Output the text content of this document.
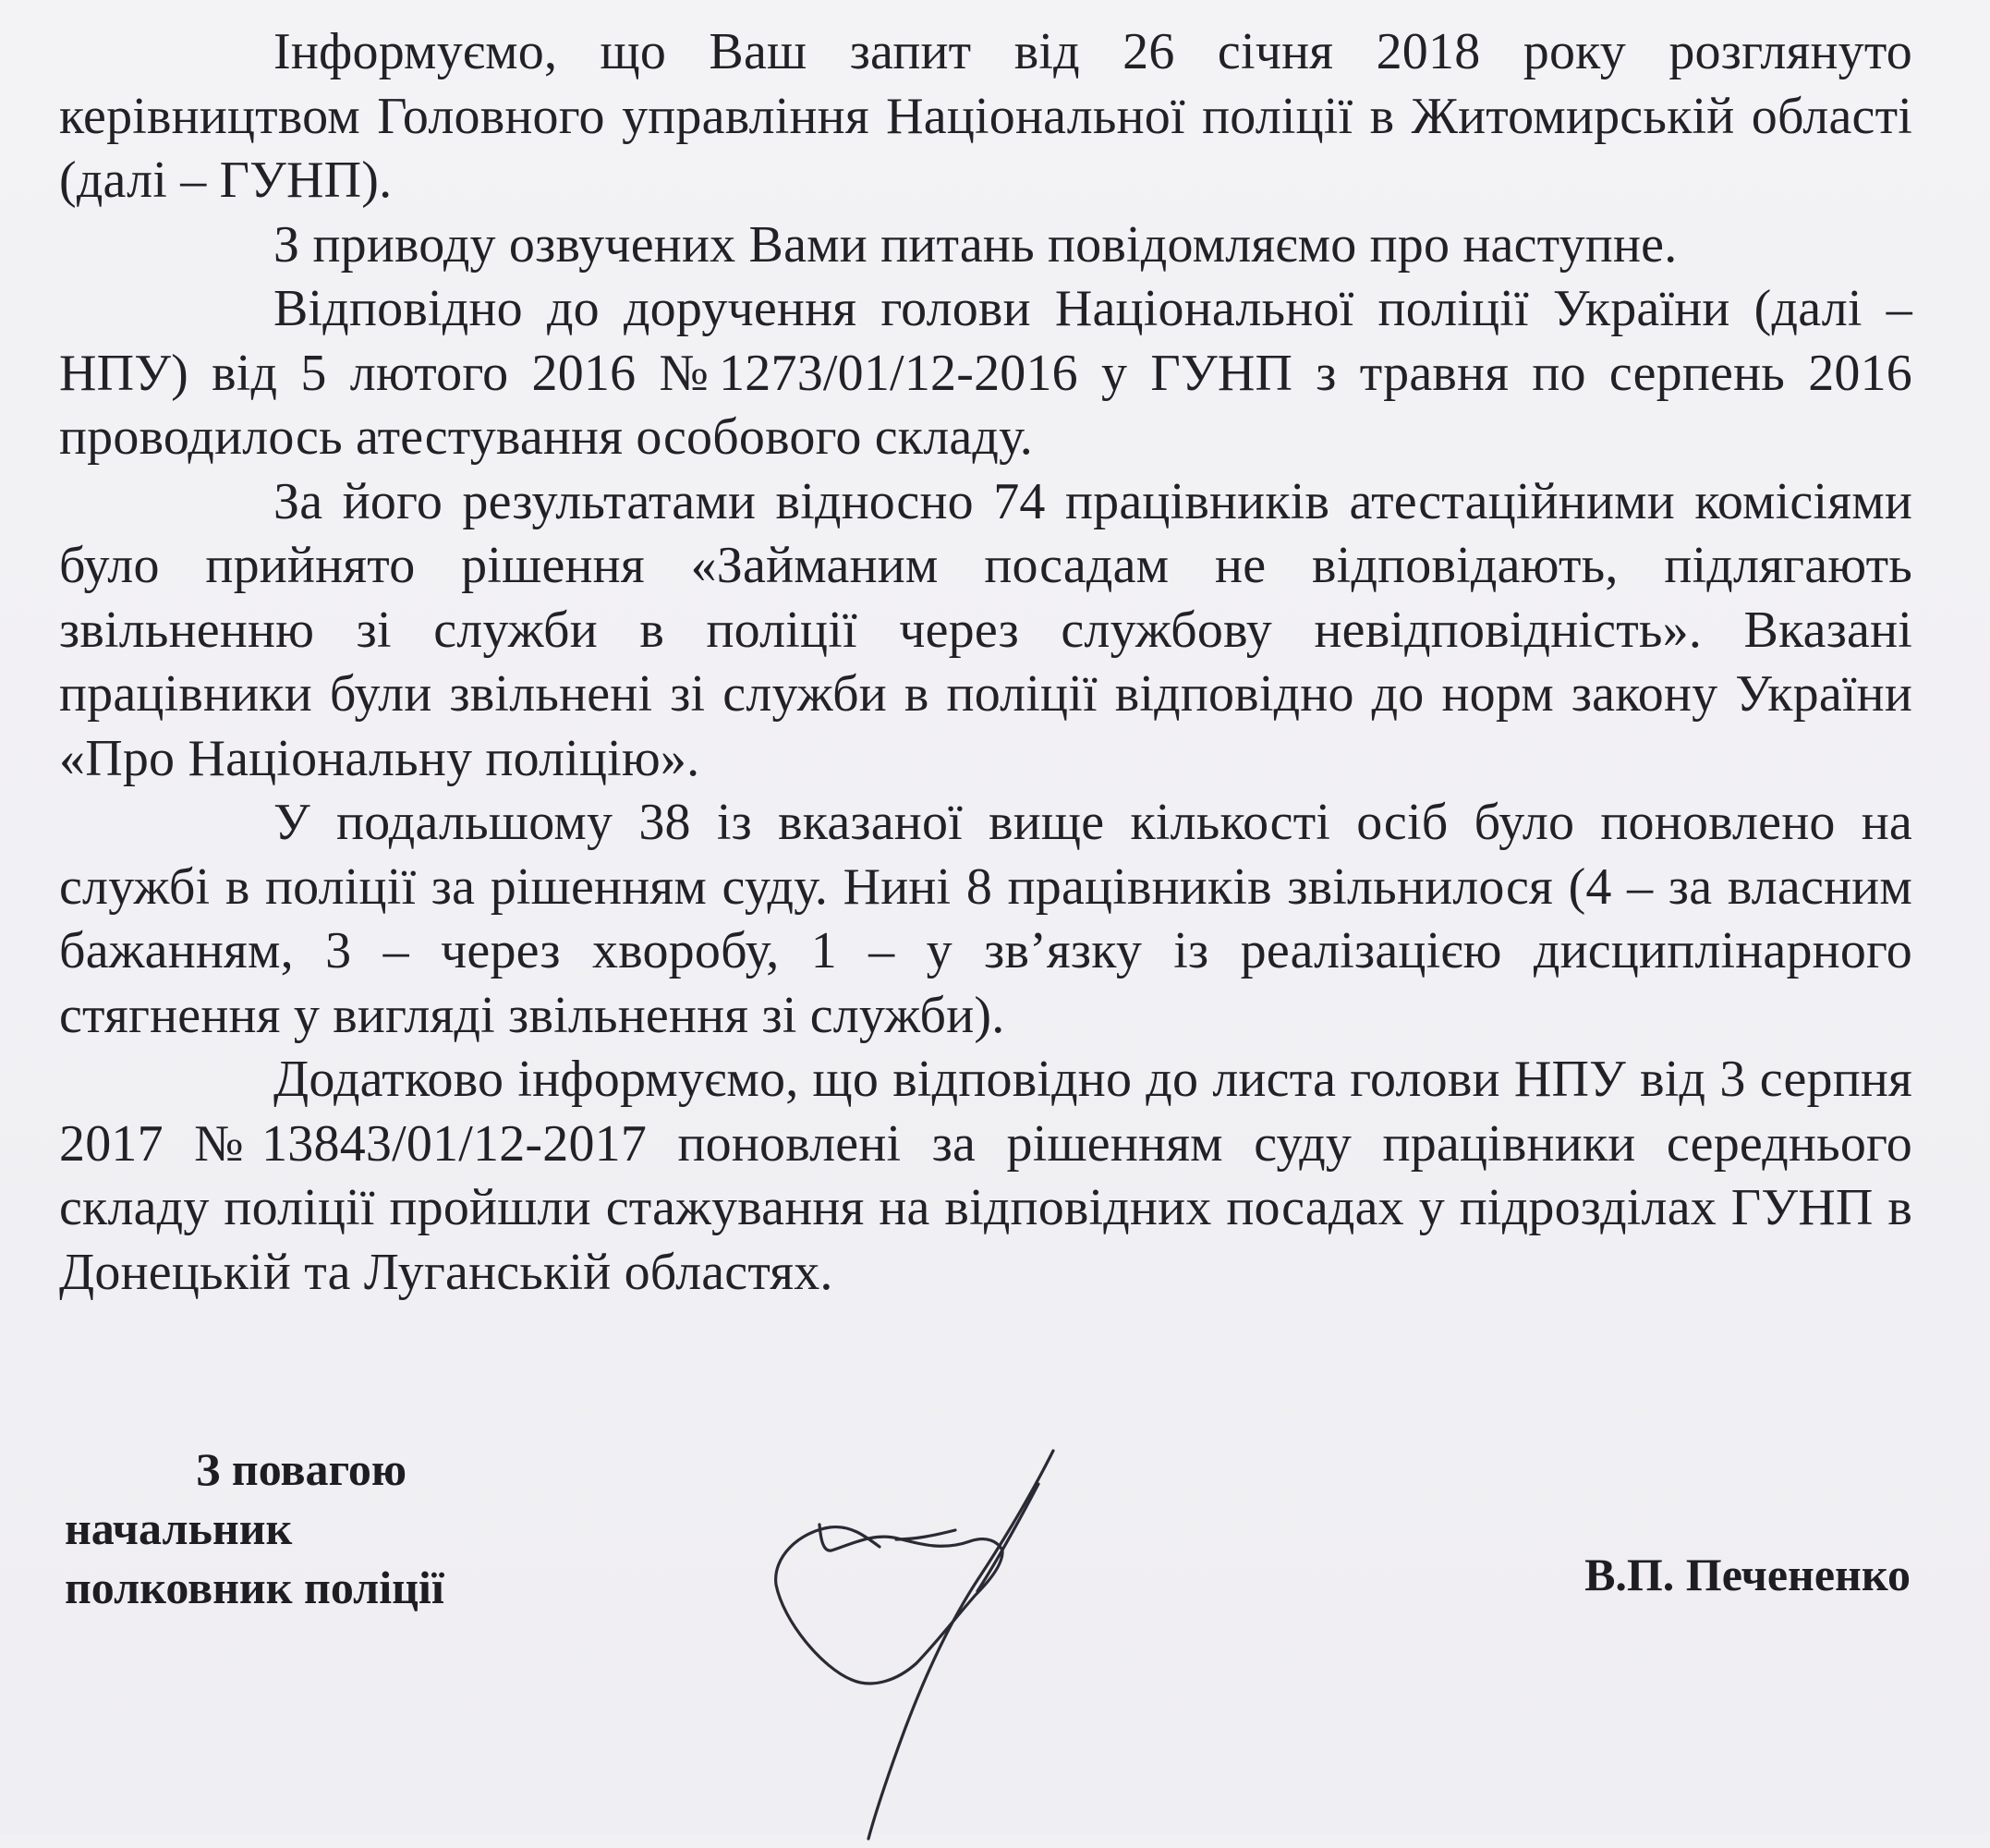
Інформуємо, що Ваш запит від 26 січня 2018 року розглянуто керівництвом Головного управління Національної поліції в Житомирській області (далі – ГУНП).

З приводу озвучених Вами питань повідомляємо про наступне.

Відповідно до доручення голови Національної поліції України (далі – НПУ) від 5 лютого 2016 №1273/01/12-2016 у ГУНП з травня по серпень 2016 проводилось атестування особового складу.

За його результатами відносно 74 працівників атестаційними комісіями було прийнято рішення «Займаним посадам не відповідають, підлягають звільненню зі служби в поліції через службову невідповідність». Вказані працівники були звільнені зі служби в поліції відповідно до норм закону України «Про Національну поліцію».

У подальшому 38 із вказаної вище кількості осіб було поновлено на службі в поліції за рішенням суду. Нині 8 працівників звільнилося (4 – за власним бажанням, 3 – через хворобу, 1 – у зв’язку із реалізацією дисциплінарного стягнення у вигляді звільнення зі служби).

Додатково інформуємо, що відповідно до листа голови НПУ від 3 серпня 2017 №13843/01/12-2017 поновлені за рішенням суду працівники середнього складу поліції пройшли стажування на відповідних посадах у підрозділах ГУНП в Донецькій та Луганській областях.

З повагою
начальник
полковник поліції	В.П. Печененко
